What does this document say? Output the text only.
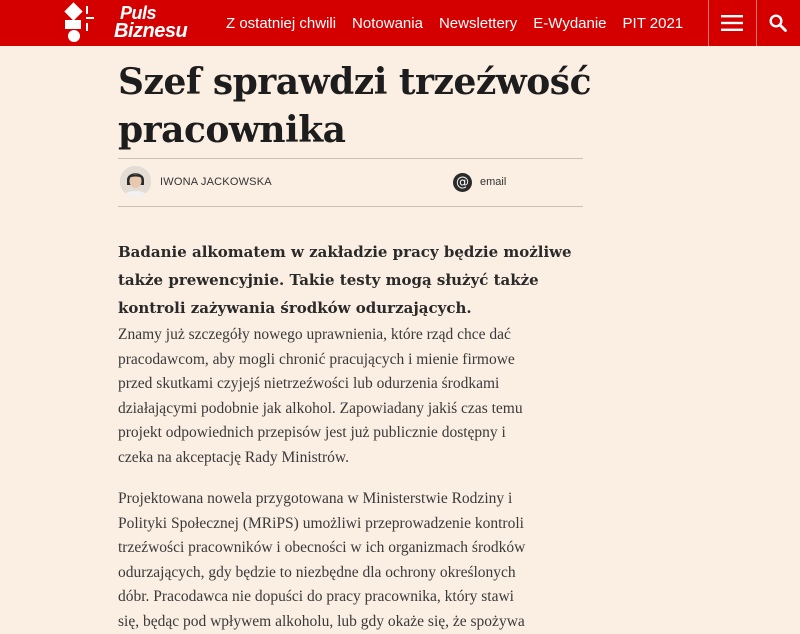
Puls
Biznesu	Z ostatniej chwili Notowania Newslettery E-Wydanie PIT 2021
Szef sprawdzi trzeźwość
pracownika
IWONA JACKOWSKA	@ email

Badanie alkomatem w zakładzie pracy będzie możliwe
także prewencyjnie. Takie testy mogą służyć także
kontroli zażywania środków odurzających.

Znamy już szczegóły nowego uprawnienia, które rząd chce dać
pracodawcom, aby mogli chronić pracujących i mienie firmowe
przed skutkami czyjejś nietrzeźwości lub odurzenia środkami
działającymi podobnie jak alkohol. Zapowiadany jakiś czas temu
projekt odpowiednich przepisów jest już publicznie dostępny i
czeka na akceptację Rady Ministrów.

Projektowana nowela przygotowana w Ministerstwie Rodziny i
Polityki Społecznej (MRiPS) umożliwi przeprowadzenie kontroli
trzeźwości pracowników i obecności w ich organizmach środków
odurzających, gdy będzie to niezbędne dla ochrony określonych
dóbr. Pracodawca nie dopuści do pracy pracownika, który stawi
się, będąc pod wpływem alkoholu, lub gdy okaże się, że spożywa
